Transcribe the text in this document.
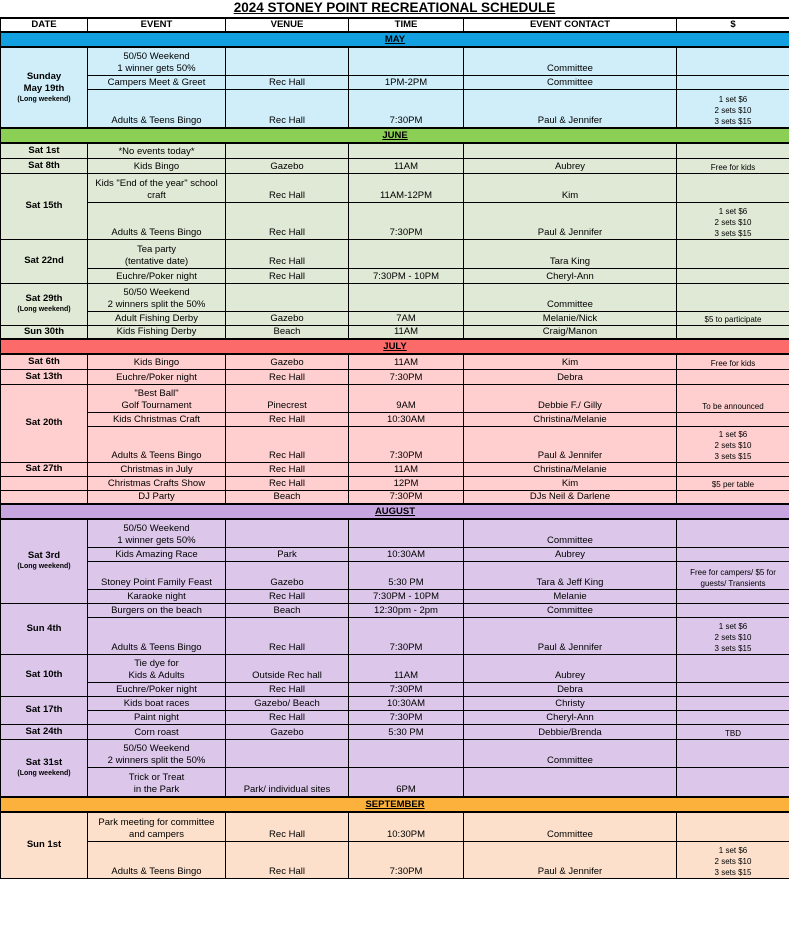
2024 STONEY POINT RECREATIONAL SCHEDULE
DATE	EVENT	VENUE	TIME	EVENT CONTACT	$
MAY					

Sunday
May 19th
(Long weekend)	50/50 Weekend
1 winner gets 50%			Committee	
	Campers Meet & Greet	Rec Hall	1PM-2PM	Committee	
	Adults & Teens Bingo	Rec Hall	7:30PM	Paul & Jennifer	1 set $6
2 sets $10
3 sets $15

JUNE					

Sat 1st	*No events today*				

Sat 8th	Kids Bingo	Gazebo	11AM	Aubrey	Free for kids

Sat 15th	Kids "End of the year" school
craft	Rec Hall	11AM-12PM	Kim	
	Adults & Teens Bingo	Rec Hall	7:30PM	Paul & Jennifer	1 set $6
2 sets $10
3 sets $15

Sat 22nd	Tea party
(tentative date)	Rec Hall		Tara King	
	Euchre/Poker night	Rec Hall	7:30PM - 10PM	Cheryl-Ann	

Sat 29th
(Long weekend)	50/50 Weekend
2 winners split the 50%			Committee	
	Adult Fishing Derby	Gazebo	7AM	Melanie/Nick	$5 to participate

Sun 30th	Kids Fishing Derby	Beach	11AM	Craig/Manon	
JULY					

Sat 6th	Kids Bingo	Gazebo	11AM	Kim	Free for kids

Sat 13th	Euchre/Poker night	Rec Hall	7:30PM	Debra	

Sat 20th	"Best Ball"
Golf Tournament	Pinecrest	9AM	Debbie F./ Gilly	To be announced
	Kids Christmas Craft	Rec Hall	10:30AM	Christina/Melanie	
	Adults & Teens Bingo	Rec Hall	7:30PM	Paul & Jennifer	1 set $6
2 sets $10
3 sets $15

Sat 27th	Christmas in July	Rec Hall	11AM	Christina/Melanie	
	Christmas Crafts Show	Rec Hall	12PM	Kim	$5 per table
	DJ Party	Beach	7:30PM	DJs Neil & Darlene	
AUGUST					

Sat 3rd
(Long weekend)	50/50 Weekend
1 winner gets 50%			Committee	
	Kids Amazing Race	Park	10:30AM	Aubrey	
	Stoney Point Family Feast	Gazebo	5:30 PM	Tara & Jeff King	Free for campers/ $5 for
guests/ Transients

	Karaoke night	Rec Hall	7:30PM - 10PM	Melanie	

Sun 4th	Burgers on the beach	Beach	12:30pm - 2pm	Committee	
	Adults & Teens Bingo	Rec Hall	7:30PM	Paul & Jennifer	1 set $6
2 sets $10
3 sets $15

Sat 10th	Tie dye for
Kids & Adults	Outside Rec hall	11AM	Aubrey	
	Euchre/Poker night	Rec Hall	7:30PM	Debra	

Sat 17th	Kids boat races	Gazebo/ Beach	10:30AM	Christy	
	Paint night	Rec Hall	7:30PM	Cheryl-Ann	

Sat 24th	Corn roast	Gazebo	5:30 PM	Debbie/Brenda	TBD

Sat 31st
(Long weekend)	50/50 Weekend
2 winners split the 50%			Committee	

	Trick or Treat
in the Park	Park/ individual sites	6PM		
SEPTEMBER					

Sun 1st	Park meeting for committee
and campers	Rec Hall	10:30PM	Committee	
	Adults & Teens Bingo	Rec Hall	7:30PM	Paul & Jennifer	1 set $6
2 sets $10
3 sets $15
